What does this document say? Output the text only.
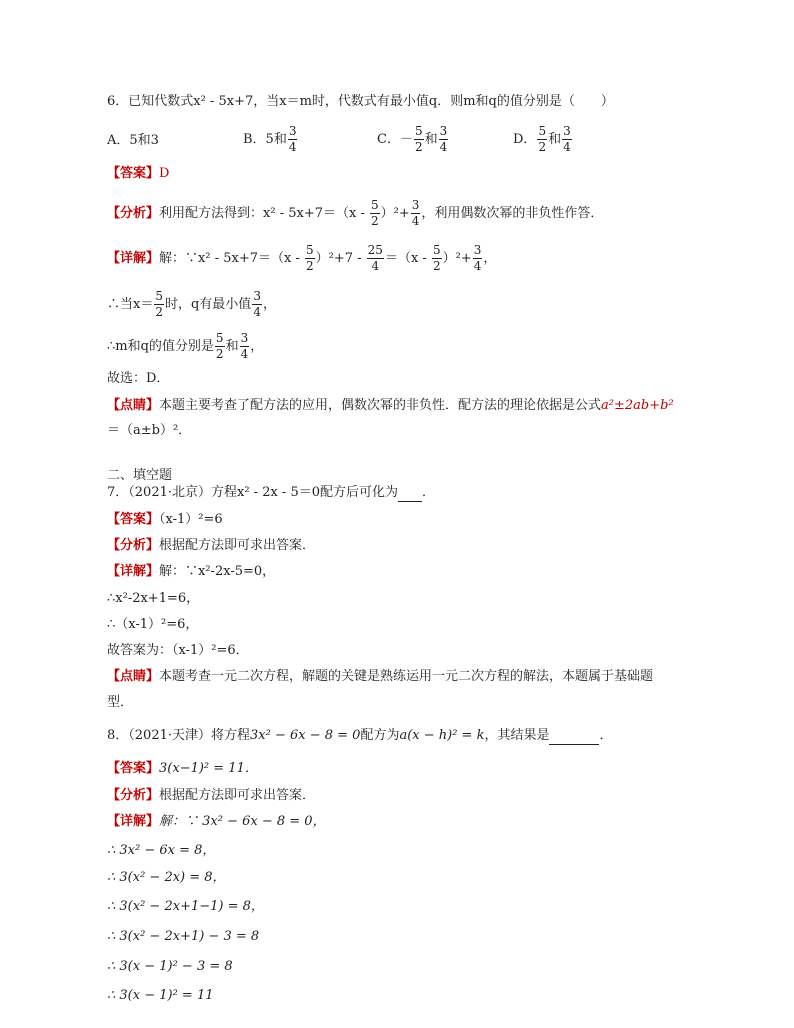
6．已知代数式x² - 5x+7，当x＝m时，代数式有最小值q．则m和q的值分别是（　　）
A．5和3	B．5和 $\frac{3}{4}$	C．－ $\frac{5}{2}$ 和 $\frac{3}{4}$	D． $\frac{5}{2}$ 和 $\frac{3}{4}$
【答案】D
【分析】利用配方法得到：$x^2 - 5x+7=(x - \frac{5}{2} )^2+ \frac{3}{4}$ ，利用偶数次幂的非负性作答．
【详解】解：∵x² - $5x+7=(x - \frac{5}{2} )^2+7 - \frac{25}{4} =(x - \frac{5}{2} )^2+ \frac{3}{4}$ ，
∴当$x= \frac{5}{2}$ 时，q有最小值 $\frac{3}{4}$ ，
∴m和q的值分别是 $\frac{5}{2}$ 和 $\frac{3}{4}$ ，
故选：D．
【点睛】本题主要考查了配方法的应用，偶数次幂的非负性．配方法的理论依据是公式a²±2ab+b²
＝（a±b）²．
二、填空题
7．（2021·北京）方程x² - 2x - 5＝0配方后可化为 ．
【答案】（x-1）²=6
【分析】根据配方法即可求出答案．
【详解】解：∵x²-2x-5=0，
∴x²-2x+1=6，
∴（x-1）²=6，
故答案为：（x-1）²=6．
【点睛】本题考查一元二次方程，解题的关键是熟练运用一元二次方程的解法，本题属于基础题
型．
8．（2021·天津）将方程3x² − 6x − 8 = 0配方为a(x − h)² = k，其结果是	．
【答案】3(x−1)² = 11．
【分析】根据配方法即可求出答案．
【详解】解：∵ 3x² − 6x − 8 = 0，
∴ 3x² − 6x = 8，
∴ 3(x² − 2x) = 8，
∴ 3(x² − 2x+1−1) = 8，
∴ 3(x² − 2x+1) − 3 = 8
∴ 3(x − 1)² − 3 = 8
∴ 3(x − 1)² = 11
